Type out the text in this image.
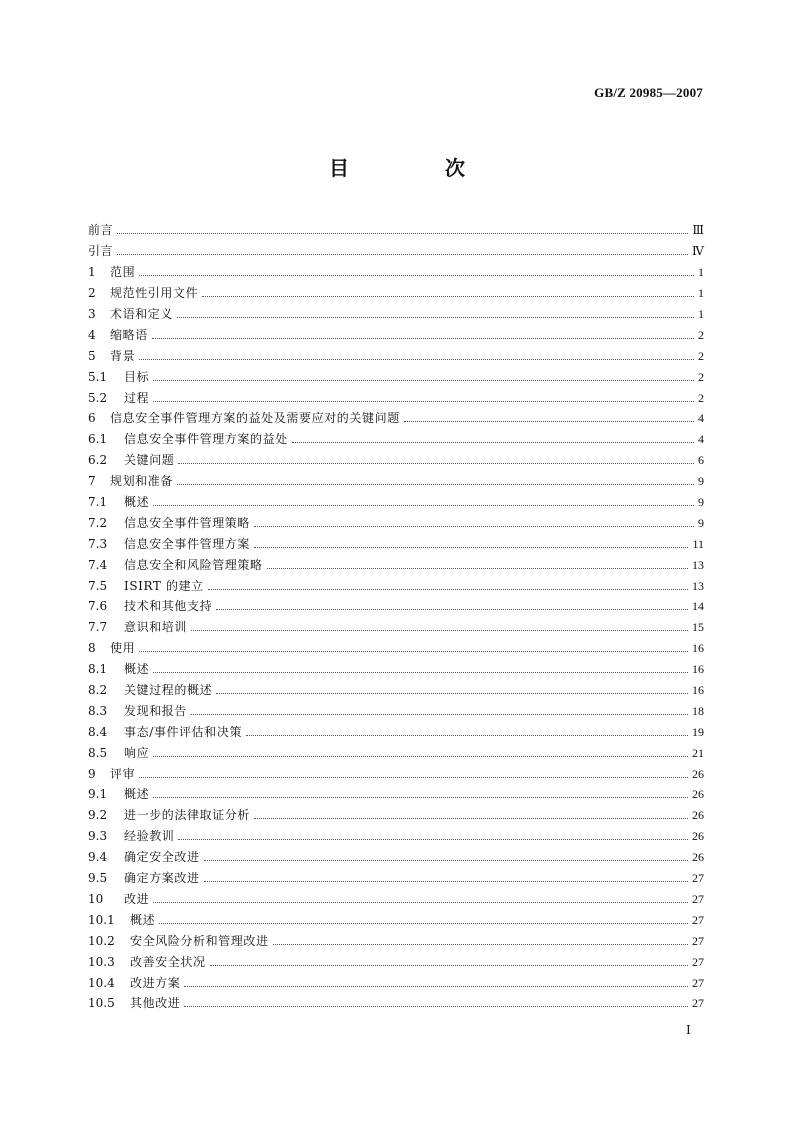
GB/Z 20985—2007
目　次
前言	Ⅲ
引言	Ⅳ
1	范围	1
2	规范性引用文件	1
3	术语和定义	1
4	缩略语	2
5	背景	2
5.1	目标	2
5.2	过程	2
6	信息安全事件管理方案的益处及需要应对的关键问题	4
6.1	信息安全事件管理方案的益处	4
6.2	关键问题	6
7	规划和准备	9
7.1	概述	9
7.2	信息安全事件管理策略	9
7.3	信息安全事件管理方案	11
7.4	信息安全和风险管理策略	13
7.5	ISIRT 的建立	13
7.6	技术和其他支持	14
7.7	意识和培训	15
8	使用	16
8.1	概述	16
8.2	关键过程的概述	16
8.3	发现和报告	18
8.4	事态/事件评估和决策	19
8.5	响应	21
9	评审	26
9.1	概述	26
9.2	进一步的法律取证分析	26
9.3	经验教训	26
9.4	确定安全改进	26
9.5	确定方案改进	27
10	改进	27
10.1	概述	27
10.2	安全风险分析和管理改进	27
10.3	改善安全状况	27
10.4	改进方案	27
10.5	其他改进	27
Ⅰ
